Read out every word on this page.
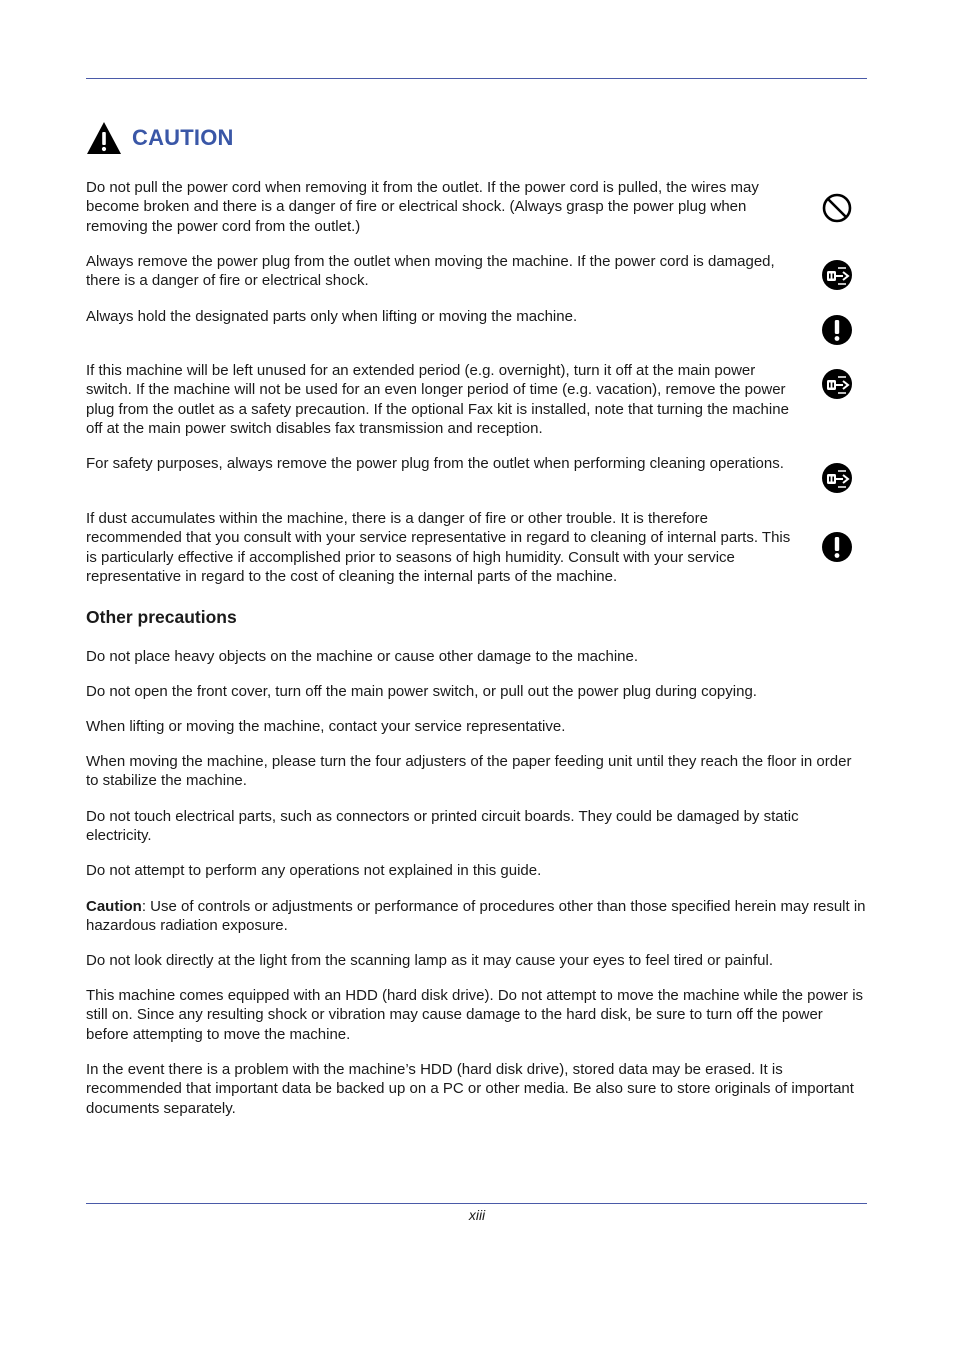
CAUTION

Do not pull the power cord when removing it from the outlet. If the power cord is pulled, the wires may become broken and there is a danger of fire or electrical shock. (Always grasp the power plug when removing the power cord from the outlet.)

Always remove the power plug from the outlet when moving the machine. If the power cord is damaged, there is a danger of fire or electrical shock.

Always hold the designated parts only when lifting or moving the machine.

If this machine will be left unused for an extended period (e.g. overnight), turn it off at the main power switch. If the machine will not be used for an even longer period of time (e.g. vacation), remove the power plug from the outlet as a safety precaution. If the optional Fax kit is installed, note that turning the machine off at the main power switch disables fax transmission and reception.

For safety purposes, always remove the power plug from the outlet when performing cleaning operations.

If dust accumulates within the machine, there is a danger of fire or other trouble. It is therefore recommended that you consult with your service representative in regard to cleaning of internal parts. This is particularly effective if accomplished prior to seasons of high humidity. Consult with your service representative in regard to the cost of cleaning the internal parts of the machine.

Other precautions

Do not place heavy objects on the machine or cause other damage to the machine.

Do not open the front cover, turn off the main power switch, or pull out the power plug during copying.

When lifting or moving the machine, contact your service representative.

When moving the machine, please turn the four adjusters of the paper feeding unit until they reach the floor in order to stabilize the machine.

Do not touch electrical parts, such as connectors or printed circuit boards. They could be damaged by static electricity.

Do not attempt to perform any operations not explained in this guide.

Caution: Use of controls or adjustments or performance of procedures other than those specified herein may result in hazardous radiation exposure.

Do not look directly at the light from the scanning lamp as it may cause your eyes to feel tired or painful.

This machine comes equipped with an HDD (hard disk drive). Do not attempt to move the machine while the power is still on. Since any resulting shock or vibration may cause damage to the hard disk, be sure to turn off the power before attempting to move the machine.

In the event there is a problem with the machine’s HDD (hard disk drive), stored data may be erased. It is recommended that important data be backed up on a PC or other media. Be also sure to store originals of important documents separately.

xiii
